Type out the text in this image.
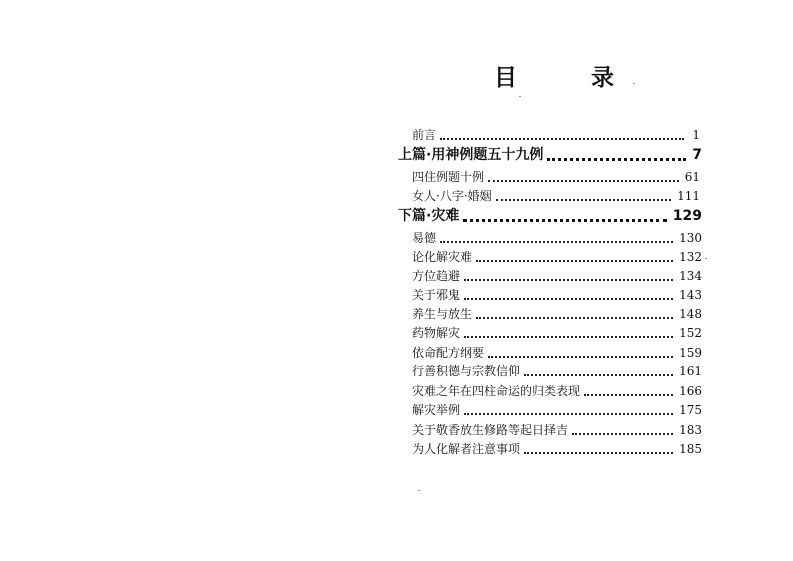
目	录
前言	1
上篇·用神例题五十九例	7
四住例题十例	61
女人·八字·婚姻	111
下篇·灾难	129
易德	130
论化解灾难	132
方位趋避	134
关于邪鬼	143
养生与放生	148
药物解灾	152
依命配方纲要	159
行善积德与宗教信仰	161
灾难之年在四柱命运的归类表现	166
解灾举例	175
关于敬香放生修路等起日择吉	183
为人化解者注意事项	185
